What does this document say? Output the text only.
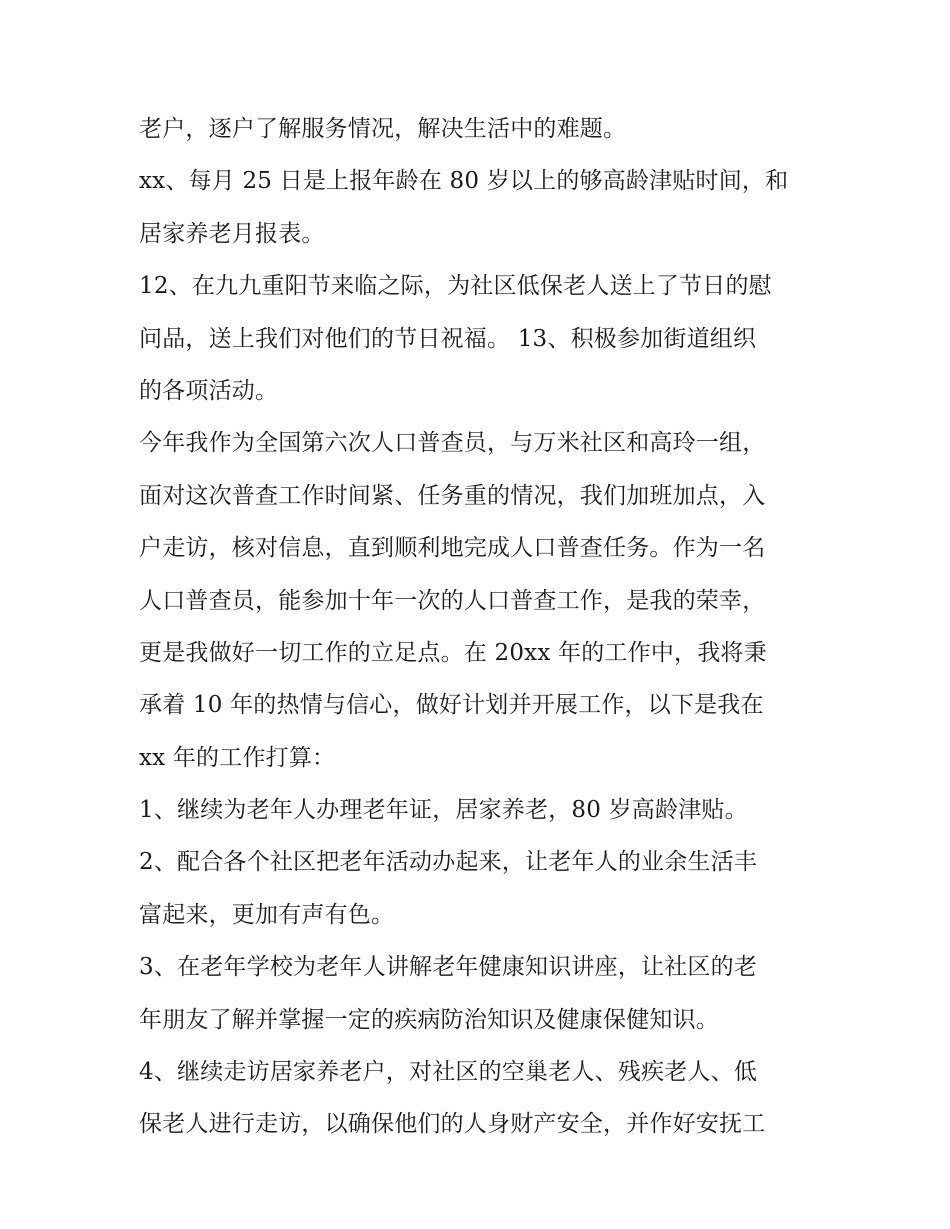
老户，逐户了解服务情况，解决生活中的难题。
xx、每月 25 日是上报年龄在 80 岁以上的够高龄津贴时间，和
居家养老月报表。
12、在九九重阳节来临之际，为社区低保老人送上了节日的慰
问品，送上我们对他们的节日祝福。 13、积极参加街道组织
的各项活动。
今年我作为全国第六次人口普查员，与万米社区和高玲一组，
面对这次普查工作时间紧、任务重的情况，我们加班加点，入
户走访，核对信息，直到顺利地完成人口普查任务。作为一名
人口普查员，能参加十年一次的人口普查工作，是我的荣幸，
更是我做好一切工作的立足点。在 20xx 年的工作中，我将秉
承着 10 年的热情与信心，做好计划并开展工作，以下是我在
xx 年的工作打算：
1、继续为老年人办理老年证，居家养老，80 岁高龄津贴。
2、配合各个社区把老年活动办起来，让老年人的业余生活丰
富起来，更加有声有色。
3、在老年学校为老年人讲解老年健康知识讲座，让社区的老
年朋友了解并掌握一定的疾病防治知识及健康保健知识。
4、继续走访居家养老户，对社区的空巢老人、残疾老人、低
保老人进行走访，以确保他们的人身财产安全，并作好安抚工
